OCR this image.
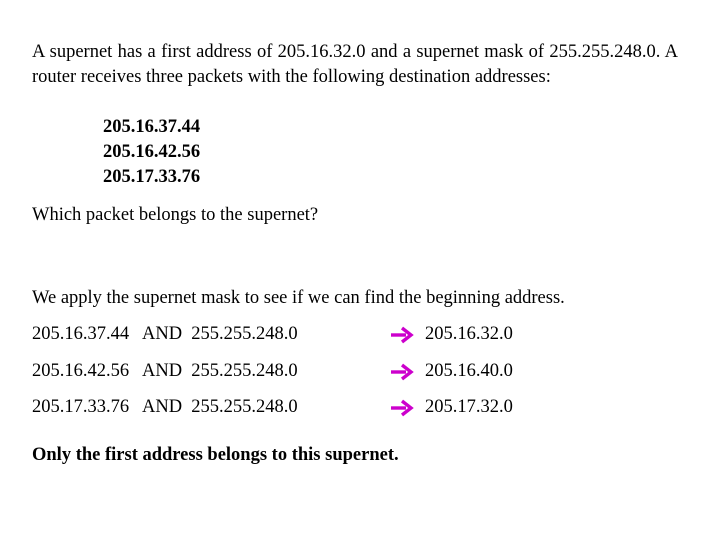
A supernet has a first address of 205.16.32.0 and a supernet mask of 255.255.248.0. A router receives three packets with the following destination addresses:

205.16.37.44
205.16.42.56
205.17.33.76

Which packet belongs to the supernet?

We apply the supernet mask to see if we can find the beginning address.

205.16.37.44   AND  255.255.248.0	205.16.32.0
205.16.42.56   AND  255.255.248.0	205.16.40.0
205.17.33.76   AND  255.255.248.0	205.17.32.0
Only the first address belongs to this supernet.
